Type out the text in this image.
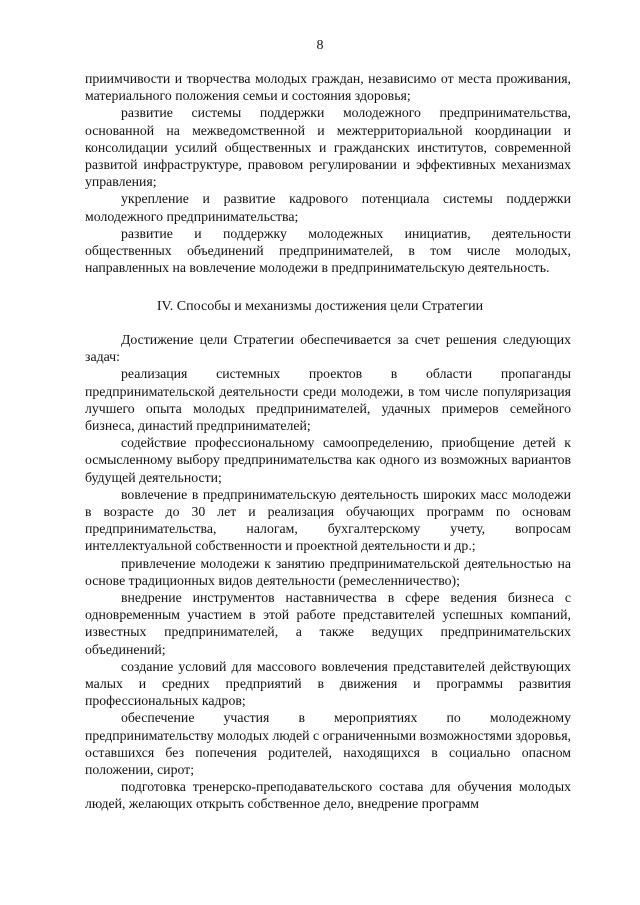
8

приимчивости и творчества молодых граждан, независимо от места проживания, материального положения семьи и состояния здоровья;

развитие системы поддержки молодежного предпринимательства, основанной на межведомственной и межтерриториальной координации и консолидации усилий общественных и гражданских институтов, современной развитой инфраструктуре, правовом регулировании и эффективных механизмах управления;

укрепление и развитие кадрового потенциала системы поддержки молодежного предпринимательства;

развитие и поддержку молодежных инициатив, деятельности общественных объединений предпринимателей, в том числе молодых, направленных на вовлечение молодежи в предпринимательскую деятельность.

IV. Способы и механизмы достижения цели Стратегии

Достижение цели Стратегии обеспечивается за счет решения следующих задач:

реализация системных проектов в области пропаганды предпринимательской деятельности среди молодежи, в том числе популяризация лучшего опыта молодых предпринимателей, удачных примеров семейного бизнеса, династий предпринимателей;

содействие профессиональному самоопределению, приобщение детей к осмысленному выбору предпринимательства как одного из возможных вариантов будущей деятельности;

вовлечение в предпринимательскую деятельность широких масс молодежи в возрасте до 30 лет и реализация обучающих программ по основам предпринимательства, налогам, бухгалтерскому учету, вопросам интеллектуальной собственности и проектной деятельности и др.;

привлечение молодежи к занятию предпринимательской деятельностью на основе традиционных видов деятельности (ремесленничество);

внедрение инструментов наставничества в сфере ведения бизнеса с одновременным участием в этой работе представителей успешных компаний, известных предпринимателей, а также ведущих предпринимательских объединений;

создание условий для массового вовлечения представителей действующих малых и средних предприятий в движения и программы развития профессиональных кадров;

обеспечение участия в мероприятиях по молодежному предпринимательству молодых людей с ограниченными возможностями здоровья, оставшихся без попечения родителей, находящихся в социально опасном положении, сирот;

подготовка тренерско-преподавательского состава для обучения молодых людей, желающих открыть собственное дело, внедрение программ
